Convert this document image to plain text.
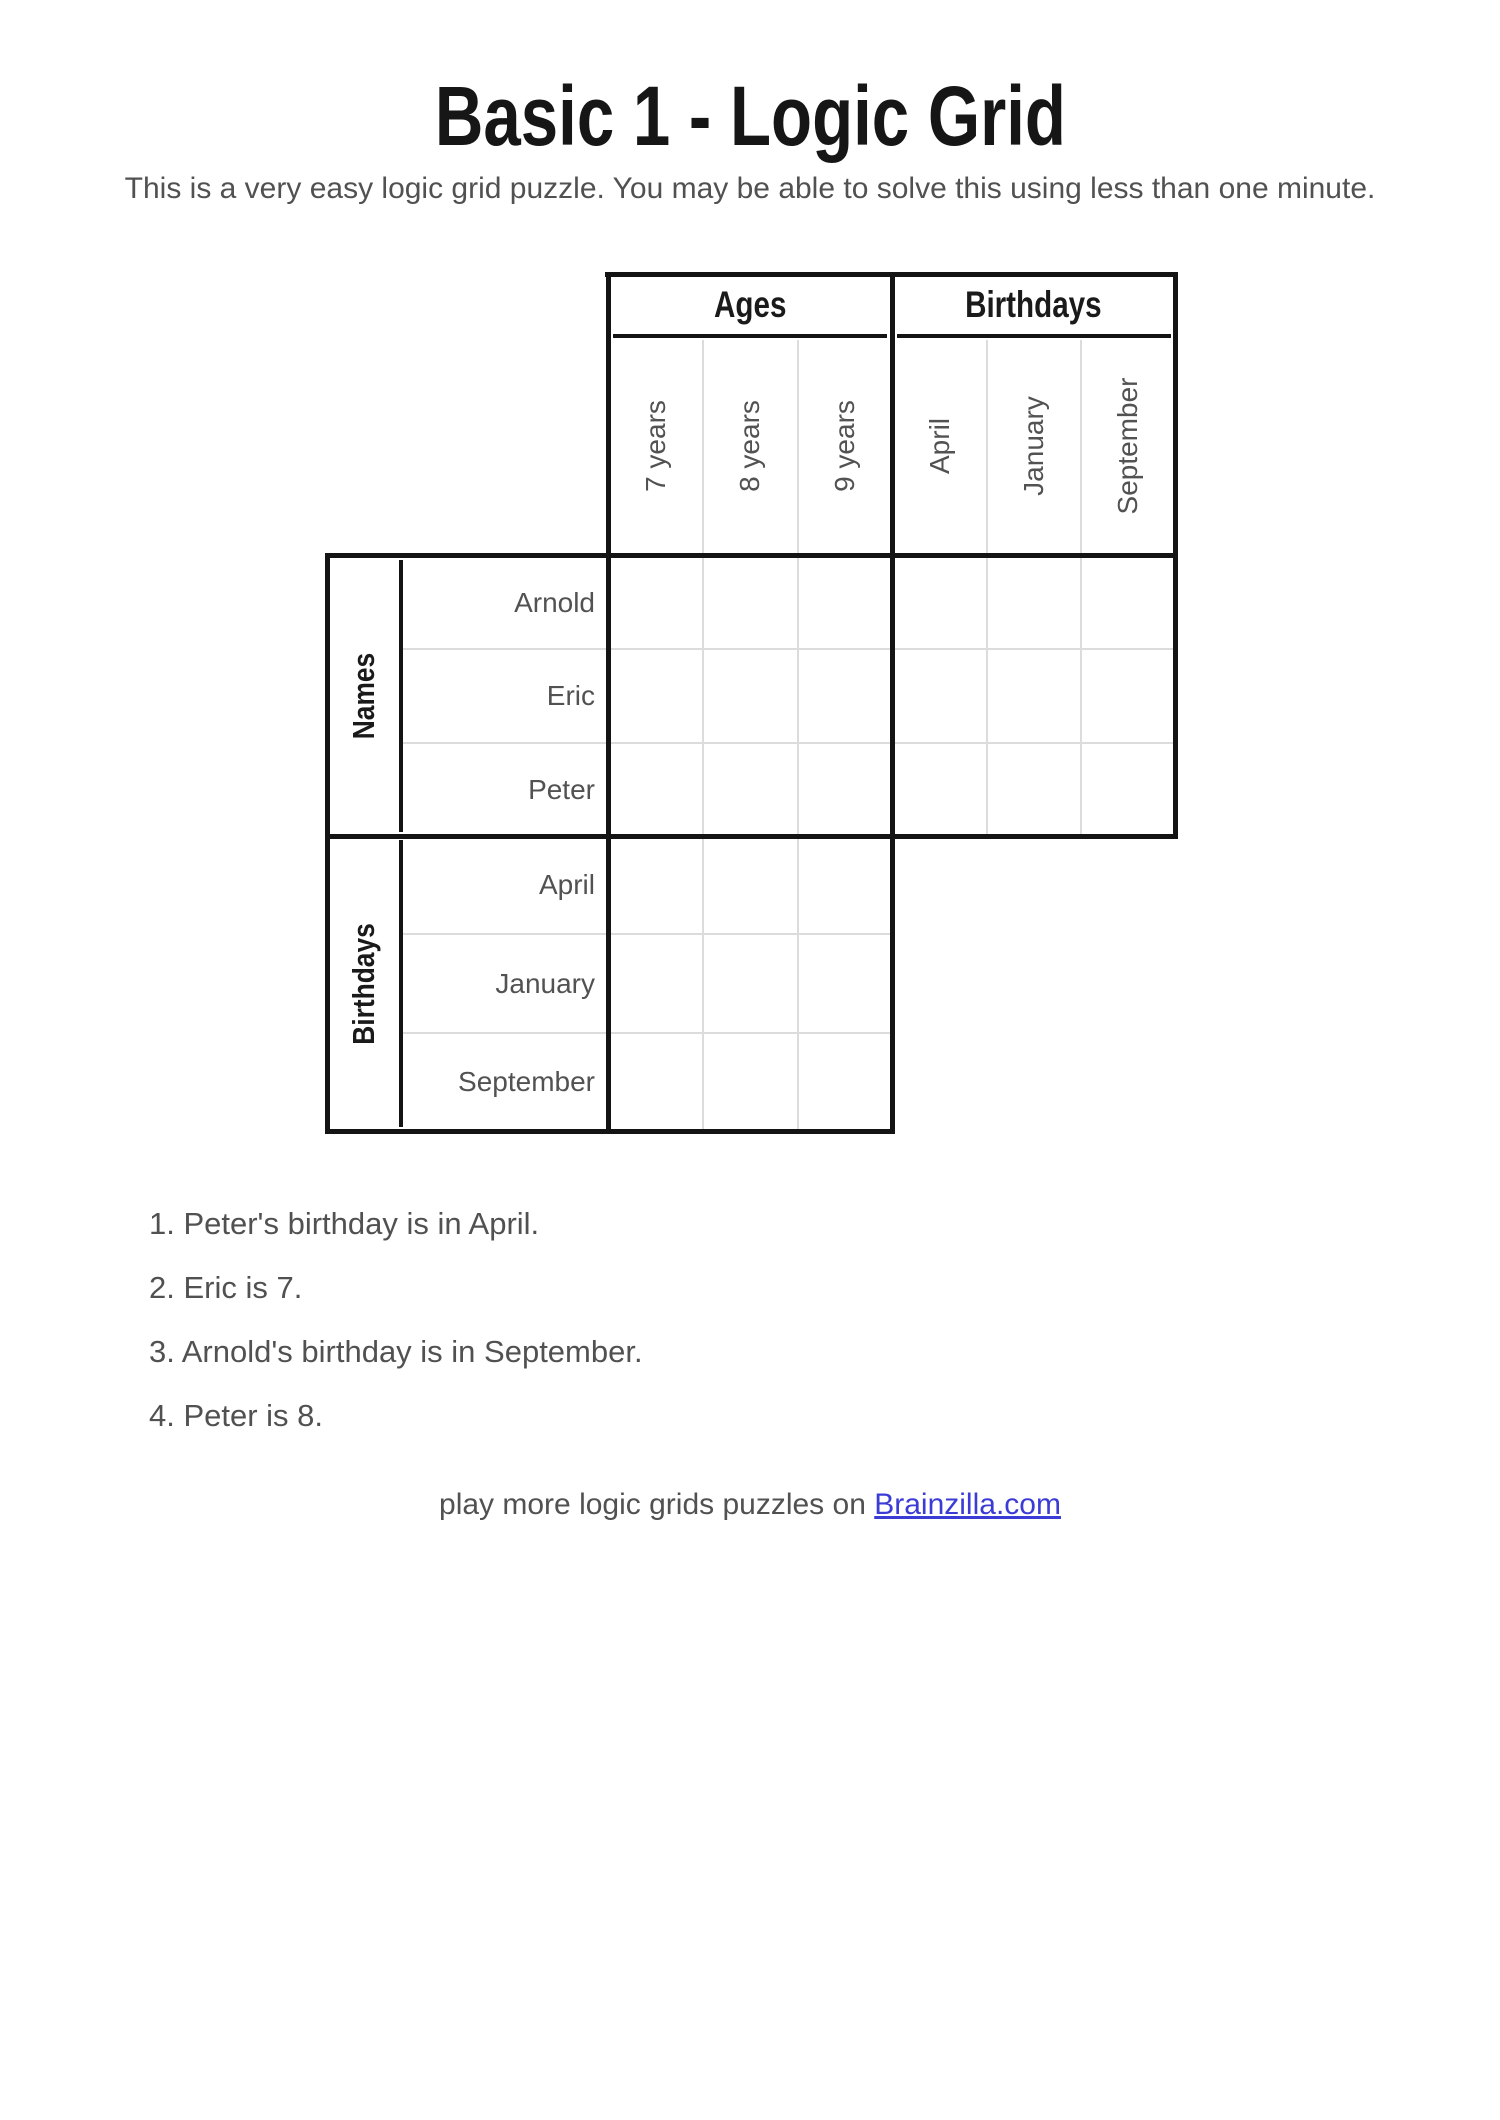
Basic 1 - Logic Grid
This is a very easy logic grid puzzle. You may be able to solve this using less than one minute.
Ages	Birthdays
7 years 8 years 9 years April January September
Names
Birthdays
Arnold
Eric
Peter
April
January
September
1. Peter's birthday is in April.
2. Eric is 7.
3. Arnold's birthday is in September.
4. Peter is 8.
play more logic grids puzzles on Brainzilla.com
